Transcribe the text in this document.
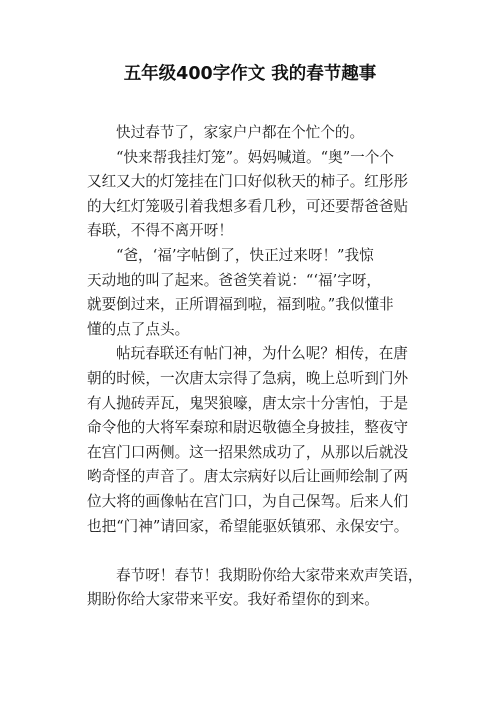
五年级400字作文 我的春节趣事
快过春节了，家家户户都在个忙个的。
“快来帮我挂灯笼”。妈妈喊道。“奥”一个个
又红又大的灯笼挂在门口好似秋天的柿子。红彤彤
的大红灯笼吸引着我想多看几秒，可还要帮爸爸贴
春联，不得不离开呀！
“爸，‘福’字帖倒了，快正过来呀！”我惊
天动地的叫了起来。爸爸笑着说：“‘福’字呀，
就要倒过来，正所谓福到啦，福到啦。”我似懂非
懂的点了点头。
帖玩春联还有帖门神，为什么呢？相传，在唐
朝的时候，一次唐太宗得了急病，晚上总听到门外
有人抛砖弄瓦，鬼哭狼嚎，唐太宗十分害怕，于是
命令他的大将军秦琼和尉迟敬德全身披挂，整夜守
在宫门口两侧。这一招果然成功了，从那以后就没
哟奇怪的声音了。唐太宗病好以后让画师绘制了两
位大将的画像帖在宫门口，为自己保驾。后来人们
也把“门神”请回家，希望能驱妖镇邪、永保安宁。
春节呀！春节！我期盼你给大家带来欢声笑语，
期盼你给大家带来平安。我好希望你的到来。
